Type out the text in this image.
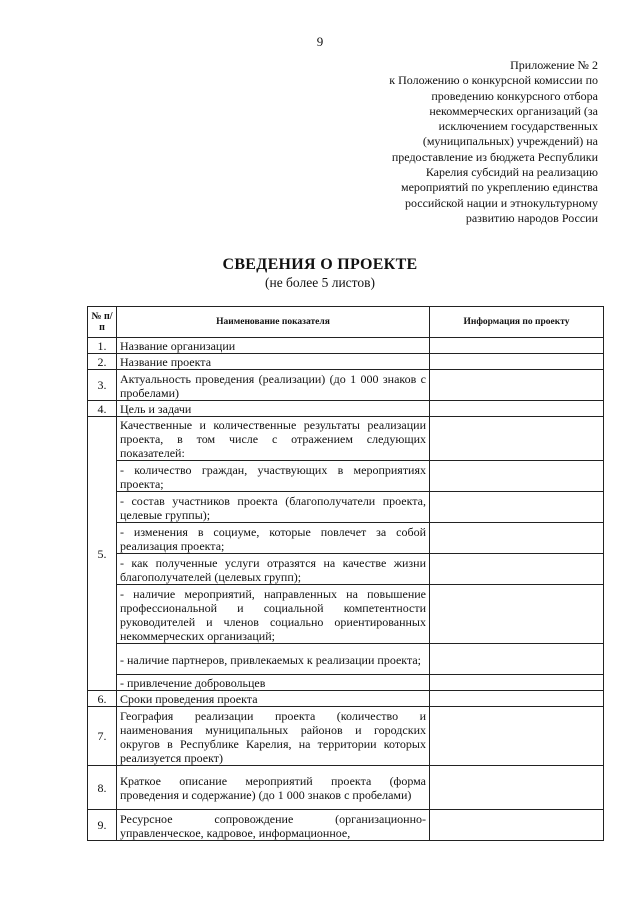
9
Приложение № 2
к Положению о конкурсной комиссии по
проведению конкурсного отбора
некоммерческих организаций (за
исключением государственных
(муниципальных) учреждений) на
предоставление из бюджета Республики
Карелия субсидий на реализацию
мероприятий по укреплению единства
российской нации и этнокультурному
развитию народов России
СВЕДЕНИЯ О ПРОЕКТЕ
(не более 5 листов)
№ п/п	Наименование показателя	Информация по проекту
1.	Название организации	
2.	Название проекта	
3.	Актуальность проведения (реализации) (до 1 000 знаков с пробелами)	
4.	Цель и задачи	
5.	Качественные и количественные результаты реализации проекта, в том числе с отражением следующих показателей:	
	- количество граждан, участвующих в мероприятиях проекта;	
	- состав участников проекта (благополучатели проекта, целевые группы);	
	- изменения в социуме, которые повлечет за собой реализация проекта;	
	- как полученные услуги отразятся на качестве жизни благополучателей (целевых групп);	
	- наличие мероприятий, направленных на повышение профессиональной и социальной компетентности руководителей и членов социально ориентированных некоммерческих организаций;	
	- наличие партнеров, привлекаемых к реализации проекта;	
	- привлечение добровольцев	
6.	Сроки проведения проекта	
7.	География реализации проекта (количество и наименования муниципальных районов и городских округов в Республике Карелия, на территории которых реализуется проект)	
8.	Краткое описание мероприятий проекта (форма проведения и содержание) (до 1 000 знаков с пробелами)	
9.	Ресурсное сопровождение (организационно-управленческое, кадровое, информационное,	
